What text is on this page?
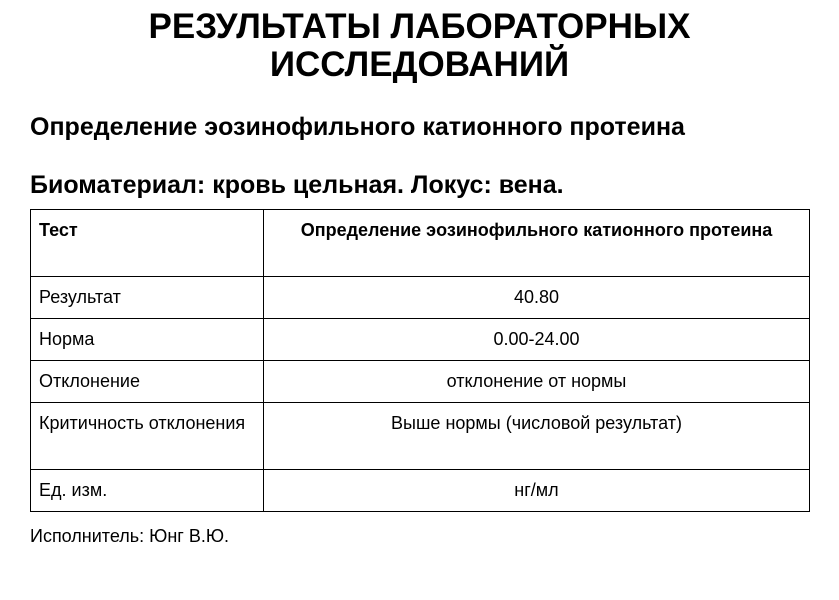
РЕЗУЛЬТАТЫ ЛАБОРАТОРНЫХ
ИССЛЕДОВАНИЙ
Определение эозинофильного катионного протеина
Биоматериал: кровь цельная. Локус: вена.
Тест	Определение эозинофильного катионного протеина
Результат	40.80
Норма	0.00-24.00
Отклонение	отклонение от нормы
Критичность отклонения	Выше нормы (числовой результат)
Ед. изм.	нг/мл

Исполнитель: Юнг В.Ю.
